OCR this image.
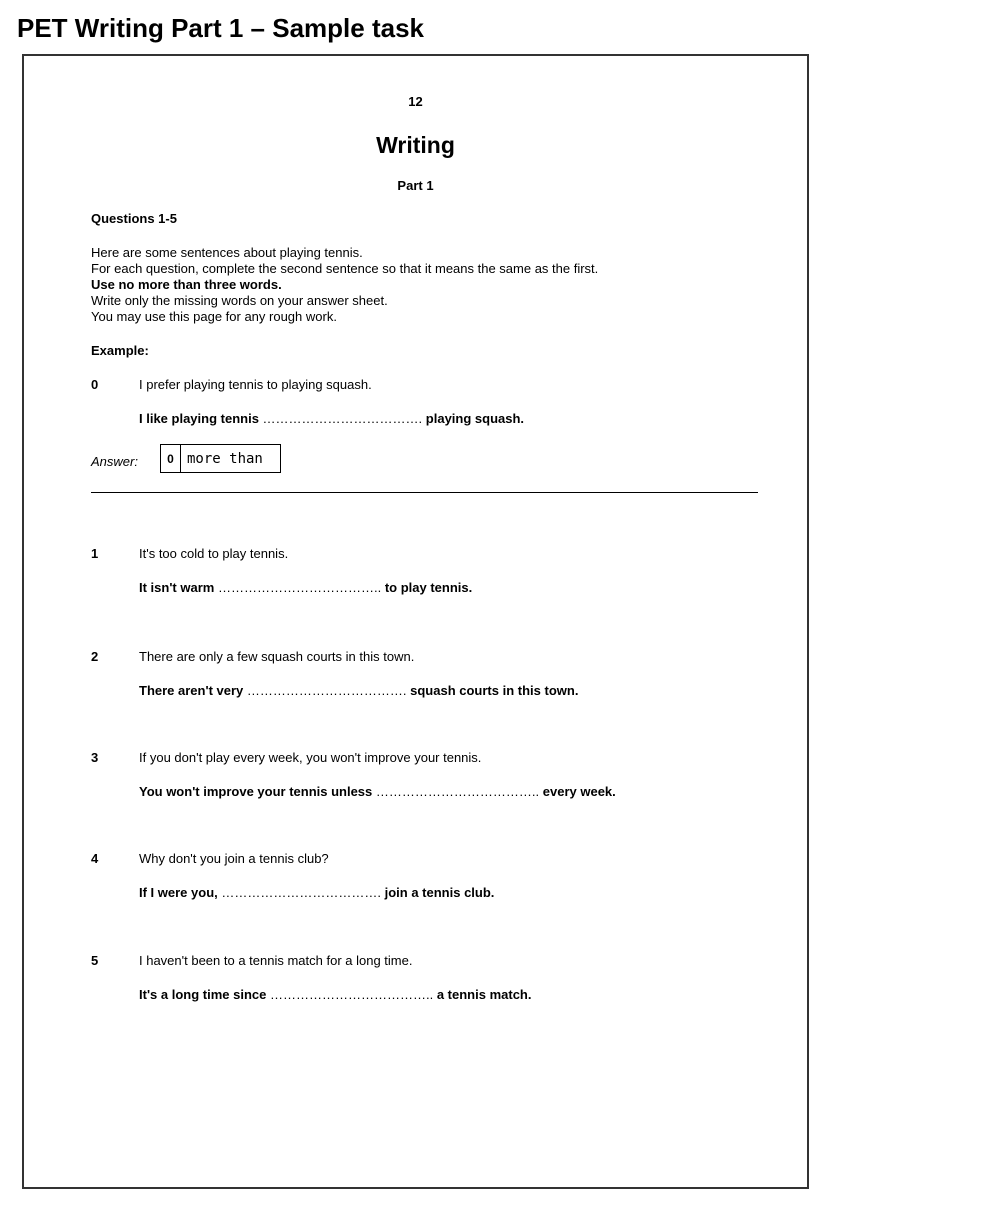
PET Writing Part 1 – Sample task
12
Writing
Part 1
Questions 1-5
Here are some sentences about playing tennis.
For each question, complete the second sentence so that it means the same as the first.
Use no more than three words.
Write only the missing words on your answer sheet.
You may use this page for any rough work.
Example:
0	I prefer playing tennis to playing squash.
I like playing tennis ………………………………. playing squash.
Answer:	0 more than
1	It's too cold to play tennis.
It isn't warm ……………………………….. to play tennis.
2	There are only a few squash courts in this town.
There aren't very ………………………………. squash courts in this town.
3	If you don't play every week, you won't improve your tennis.
You won't improve your tennis unless ……………………………….. every week.
4	Why don't you join a tennis club?
If I were you, ………………………………. join a tennis club.
5	I haven't been to a tennis match for a long time.
It's a long time since ……………………………….. a tennis match.
